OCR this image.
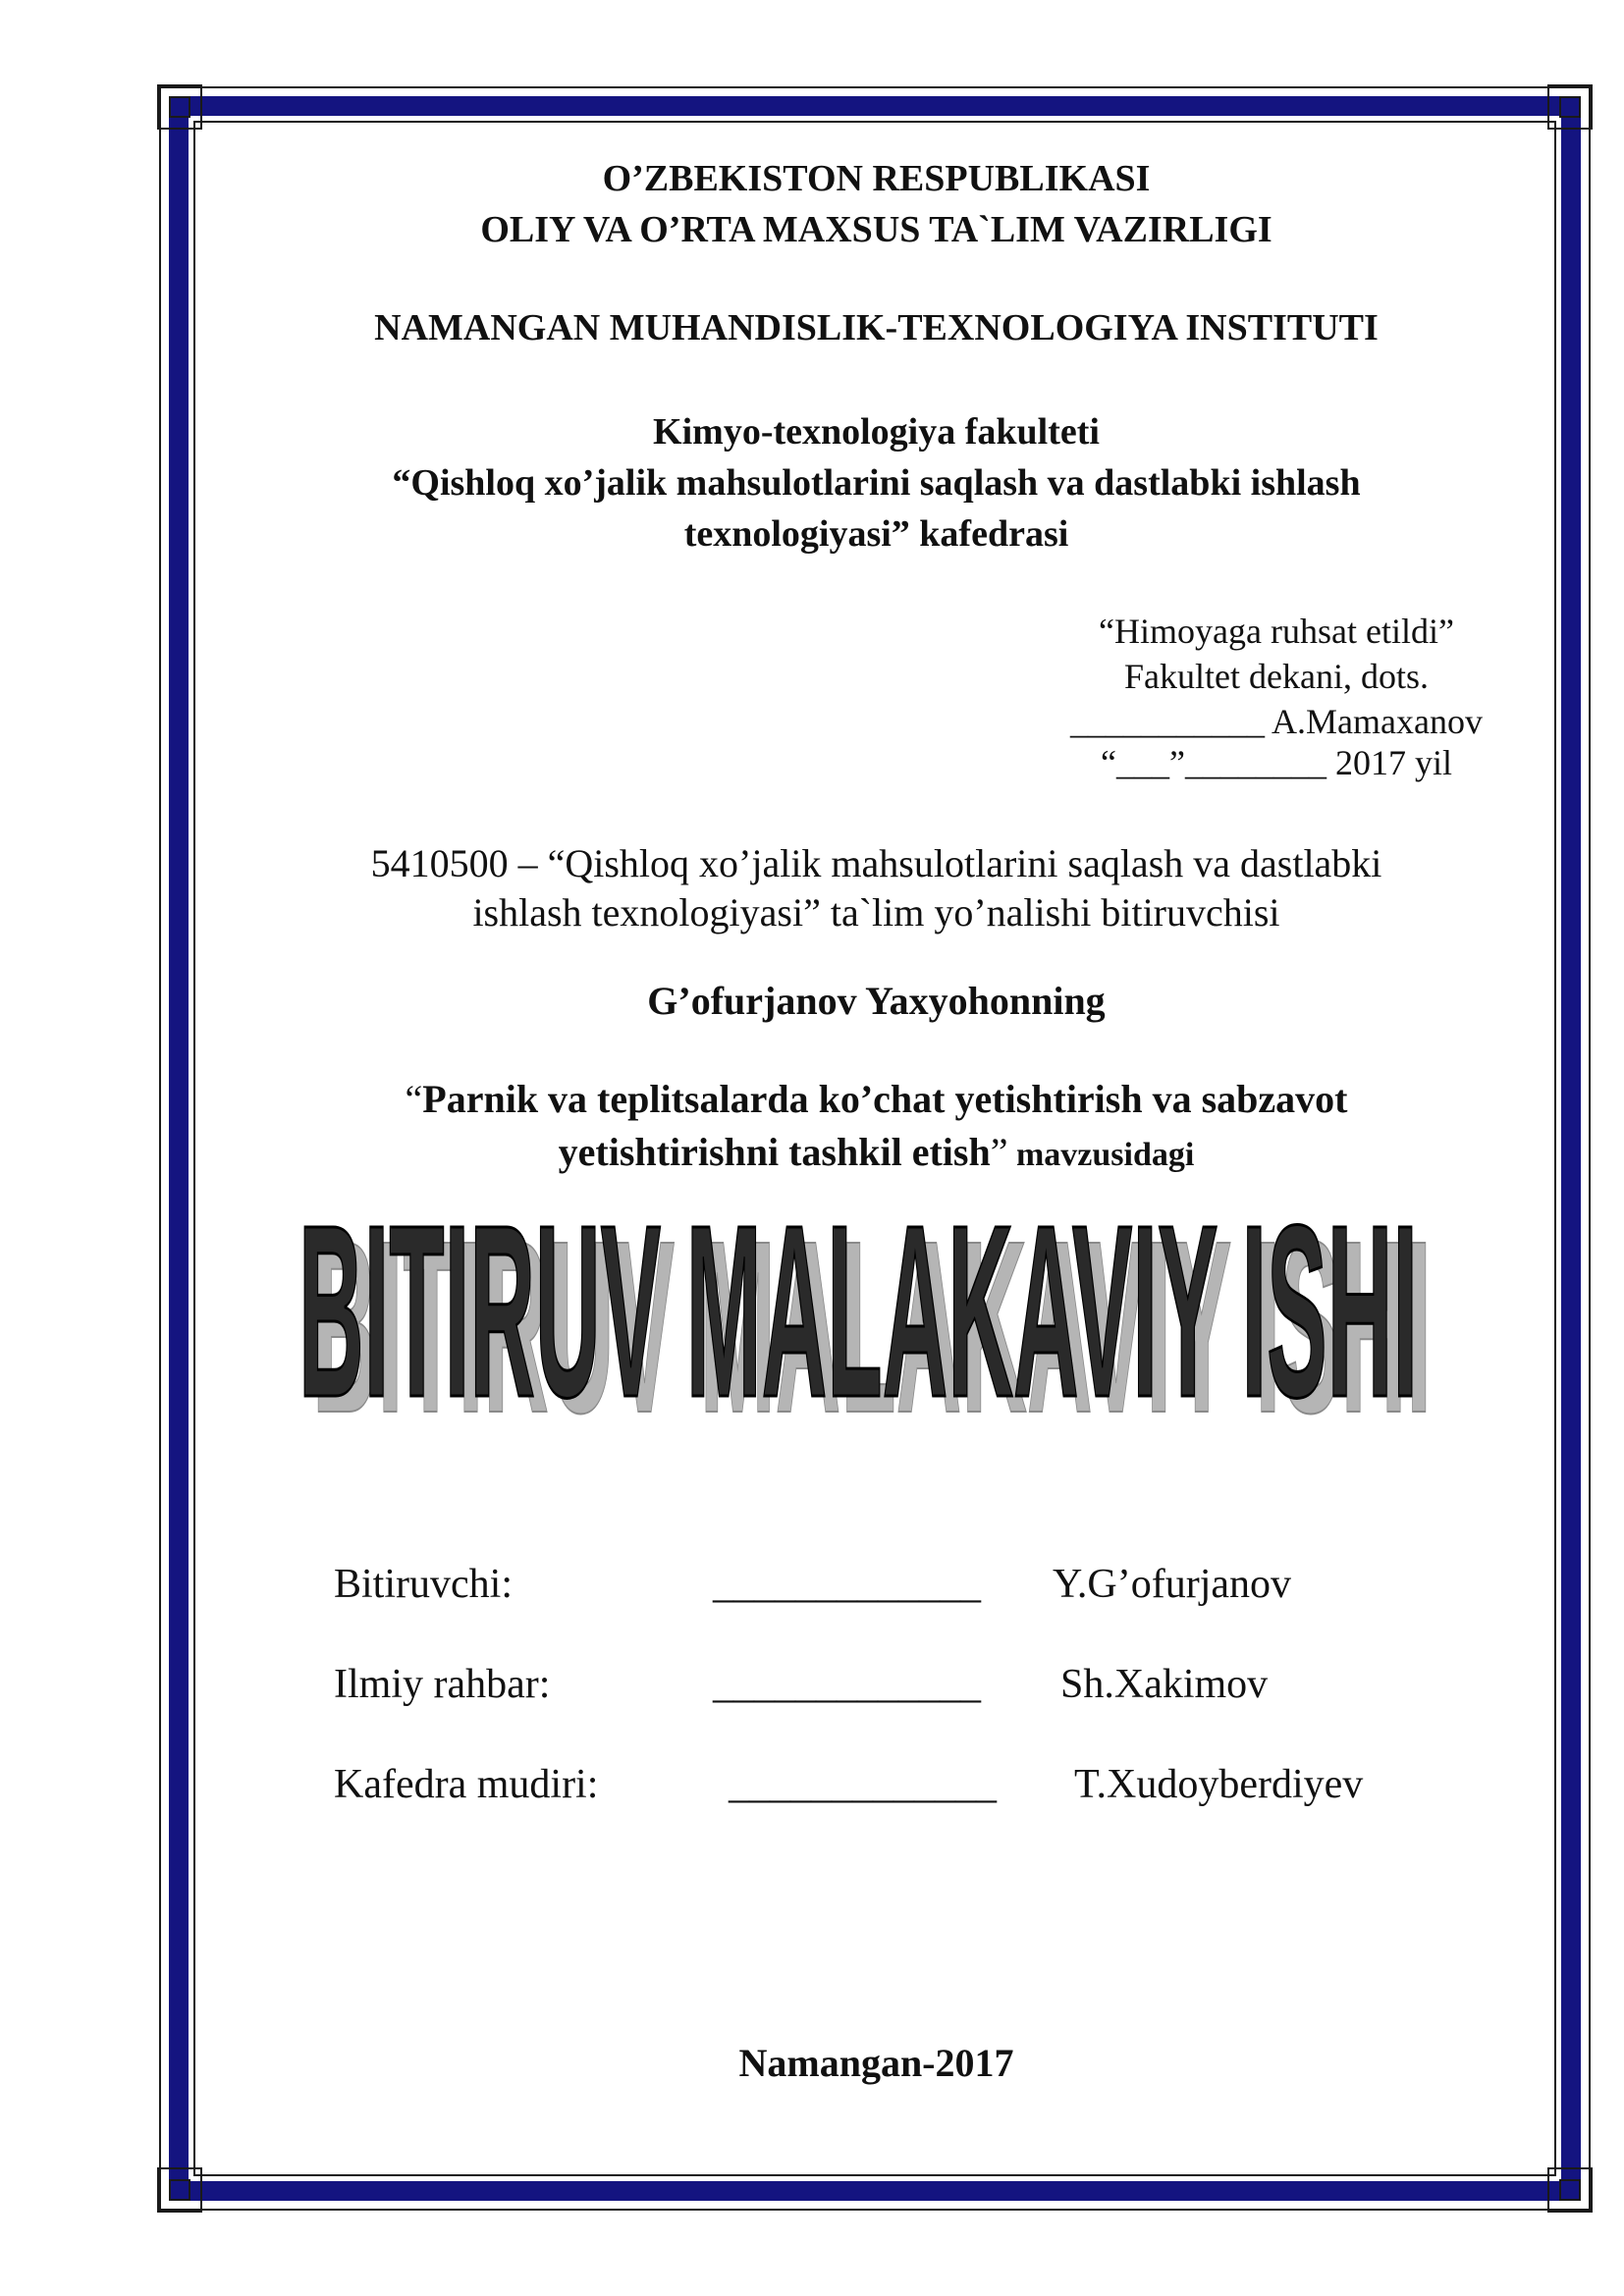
O’ZBEKISTON RESPUBLIKASI
OLIY VA O’RTA MAXSUS TA`LIM VAZIRLIGI
NAMANGAN MUHANDISLIK-TEXNOLOGIYA INSTITUTI
Kimyo-texnologiya fakulteti
“Qishloq xo’jalik mahsulotlarini saqlash va dastlabki ishlash
texnologiyasi” kafedrasi
“Himoyaga ruhsat etildi”
Fakultet dekani, dots.
___________ A.Mamaxanov
“___”________ 2017 yil
5410500 – “Qishloq xo’jalik mahsulotlarini saqlash va dastlabki
ishlash texnologiyasi” ta`lim yo’nalishi bitiruvchisi
G’ofurjanov Yaxyohonning
“Parnik va teplitsalarda ko’chat yetishtirish va sabzavot
yetishtirishni tashkil etish” mavzusidagi
BITIRUV MALAKAVIY ISHI
BITIRUV MALAKAVIY ISHI
Bitiruvchi:	_____________ Y.G’ofurjanov
Ilmiy rahbar:	_____________ Sh.Xakimov
Kafedra mudiri:	_____________ T.Xudoyberdiyev
Namangan-2017
